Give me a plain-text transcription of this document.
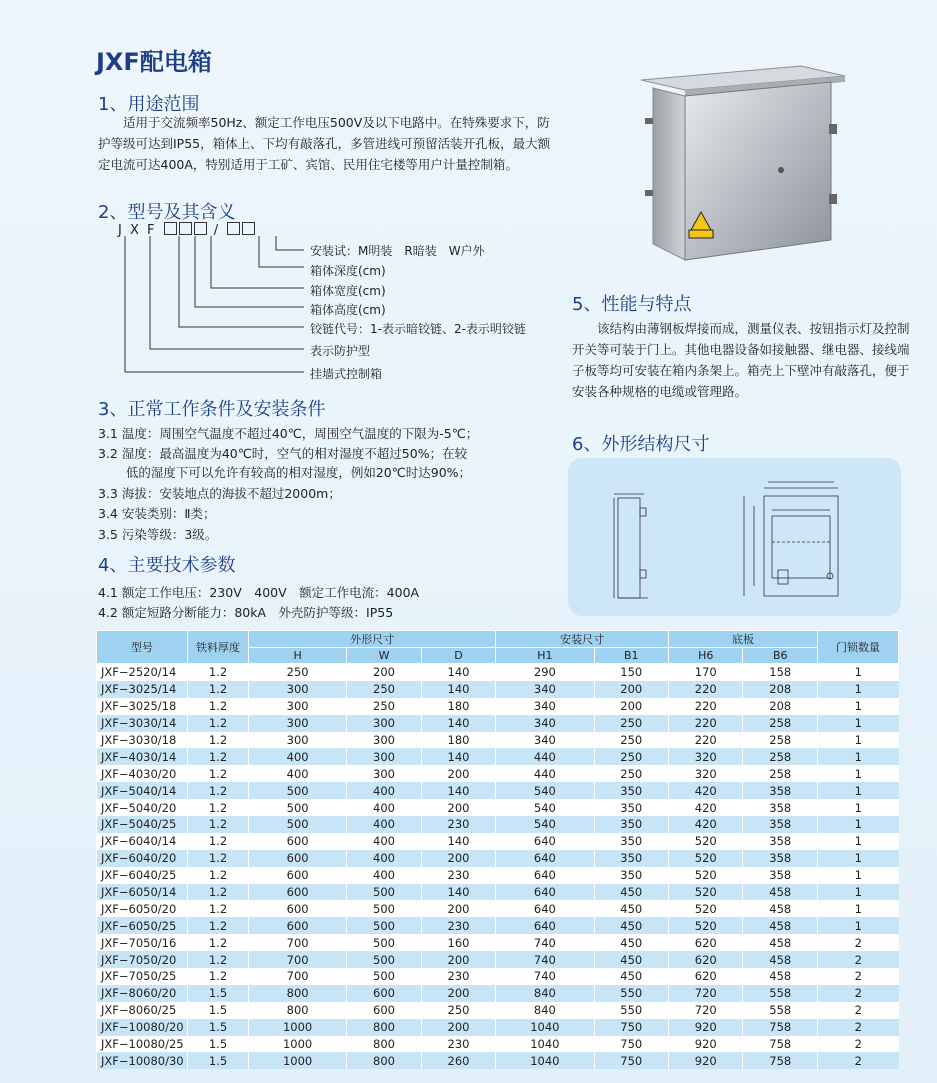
JXF配电箱
1、用途范围
适用于交流频率50Hz、额定工作电压500V及以下电路中。在特殊要求下，防护等级可达到IP55，箱体上、下均有敲落孔，多管进线可预留活装开孔板，最大额定电流可达400A，特别适用于工矿、宾馆、民用住宅楼等用户计量控制箱。
2、型号及其含义
J X F	/
安装试：M明装　R暗装　W户外
箱体深度(cm)
箱体宽度(cm)
箱体高度(cm)
铰链代号：1-表示暗铰链、2-表示明铰链
表示防护型
挂墙式控制箱
3、正常工作条件及安装条件
3.1 温度：周围空气温度不超过40℃，周围空气温度的下限为-5℃；
3.2 湿度：最高温度为40℃时，空气的相对湿度不超过50%；在较
低的湿度下可以允许有较高的相对湿度，例如20℃时达90%；
3.3 海拔：安装地点的海拔不超过2000m；
3.4 安装类别：Ⅱ类；
3.5 污染等级：3级。
4、主要技术参数
4.1 额定工作电压：230V　400V　额定工作电流：400A
4.2 额定短路分断能力：80kA　外壳防护等级：IP55
5、性能与特点
该结构由薄钢板焊接而成，测量仪表、按钮指示灯及控制开关等可装于门上。其他电器设备如接触器、继电器、接线端子板等均可安装在箱内条架上。箱壳上下壁冲有敲落孔，便于安装各种规格的电缆或管理路。
6、外形结构尺寸
型号	铁料厚度	外形尺寸			安装尺寸		底板		门锁数量
		H	W	D	H1	B1	H6	B6	
JXF−2520/14	1.2	250	200	140	290	150	170	158	1
JXF−3025/14	1.2	300	250	140	340	200	220	208	1
JXF−3025/18	1.2	300	250	180	340	200	220	208	1
JXF−3030/14	1.2	300	300	140	340	250	220	258	1
JXF−3030/18	1.2	300	300	180	340	250	220	258	1
JXF−4030/14	1.2	400	300	140	440	250	320	258	1
JXF−4030/20	1.2	400	300	200	440	250	320	258	1
JXF−5040/14	1.2	500	400	140	540	350	420	358	1
JXF−5040/20	1.2	500	400	200	540	350	420	358	1
JXF−5040/25	1.2	500	400	230	540	350	420	358	1
JXF−6040/14	1.2	600	400	140	640	350	520	358	1
JXF−6040/20	1.2	600	400	200	640	350	520	358	1
JXF−6040/25	1.2	600	400	230	640	350	520	358	1
JXF−6050/14	1.2	600	500	140	640	450	520	458	1
JXF−6050/20	1.2	600	500	200	640	450	520	458	1
JXF−6050/25	1.2	600	500	230	640	450	520	458	1
JXF−7050/16	1.2	700	500	160	740	450	620	458	2
JXF−7050/20	1.2	700	500	200	740	450	620	458	2
JXF−7050/25	1.2	700	500	230	740	450	620	458	2
JXF−8060/20	1.5	800	600	200	840	550	720	558	2
JXF−8060/25	1.5	800	600	250	840	550	720	558	2
JXF−10080/20	1.5	1000	800	200	1040	750	920	758	2
JXF−10080/25	1.5	1000	800	230	1040	750	920	758	2
JXF−10080/30	1.5	1000	800	260	1040	750	920	758	2
